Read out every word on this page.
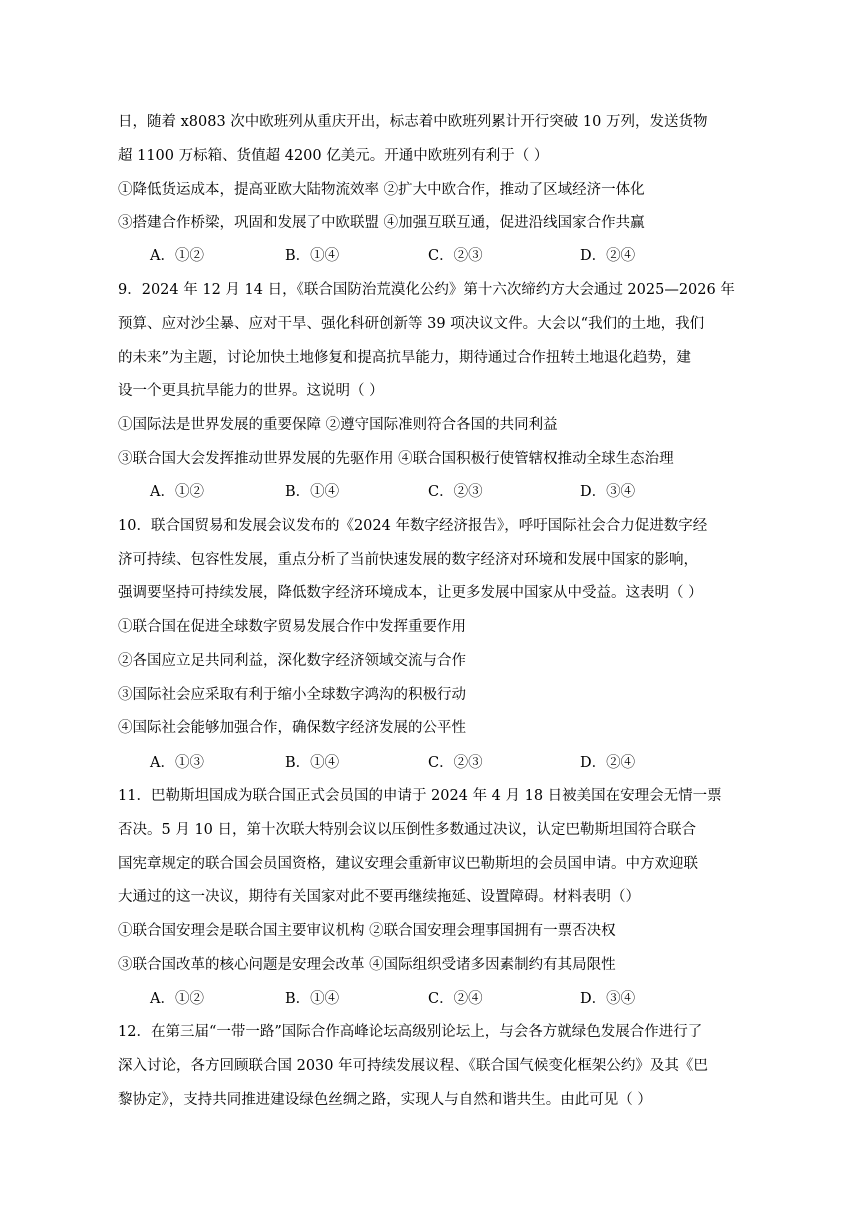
日，随着 x8083 次中欧班列从重庆开出，标志着中欧班列累计开行突破 10 万列，发送货物
超 1100 万标箱、货值超 4200 亿美元。开通中欧班列有利于（ ）
①降低货运成本，提高亚欧大陆物流效率 ②扩大中欧合作，推动了区域经济一体化
③搭建合作桥梁，巩固和发展了中欧联盟 ④加强互联互通，促进沿线国家合作共赢
A．①②	B．①④	C．②③	D．②④
9．2024 年 12 月 14 日，《联合国防治荒漠化公约》第十六次缔约方大会通过 2025—2026 年
预算、应对沙尘暴、应对干旱、强化科研创新等 39 项决议文件。大会以“我们的土地，我们
的未来”为主题，讨论加快土地修复和提高抗旱能力，期待通过合作扭转土地退化趋势，建
设一个更具抗旱能力的世界。这说明（ ）
①国际法是世界发展的重要保障 ②遵守国际准则符合各国的共同利益
③联合国大会发挥推动世界发展的先驱作用 ④联合国积极行使管辖权推动全球生态治理
A．①②	B．①④	C．②③	D．③④
10．联合国贸易和发展会议发布的《2024 年数字经济报告》，呼吁国际社会合力促进数字经
济可持续、包容性发展，重点分析了当前快速发展的数字经济对环境和发展中国家的影响，
强调要坚持可持续发展，降低数字经济环境成本，让更多发展中国家从中受益。这表明（ ）
①联合国在促进全球数字贸易发展合作中发挥重要作用
②各国应立足共同利益，深化数字经济领域交流与合作
③国际社会应采取有利于缩小全球数字鸿沟的积极行动
④国际社会能够加强合作，确保数字经济发展的公平性
A．①③	B．①④	C．②③	D．②④
11．巴勒斯坦国成为联合国正式会员国的申请于 2024 年 4 月 18 日被美国在安理会无情一票
否决。5 月 10 日，第十次联大特别会议以压倒性多数通过决议，认定巴勒斯坦国符合联合
国宪章规定的联合国会员国资格，建议安理会重新审议巴勒斯坦的会员国申请。中方欢迎联
大通过的这一决议，期待有关国家对此不要再继续拖延、设置障碍。材料表明（）
①联合国安理会是联合国主要审议机构 ②联合国安理会理事国拥有一票否决权
③联合国改革的核心问题是安理会改革 ④国际组织受诸多因素制约有其局限性
A．①②	B．①④	C．②④	D．③④
12．在第三届“一带一路”国际合作高峰论坛高级别论坛上，与会各方就绿色发展合作进行了
深入讨论，各方回顾联合国 2030 年可持续发展议程、《联合国气候变化框架公约》及其《巴
黎协定》，支持共同推进建设绿色丝绸之路，实现人与自然和谐共生。由此可见（ ）
